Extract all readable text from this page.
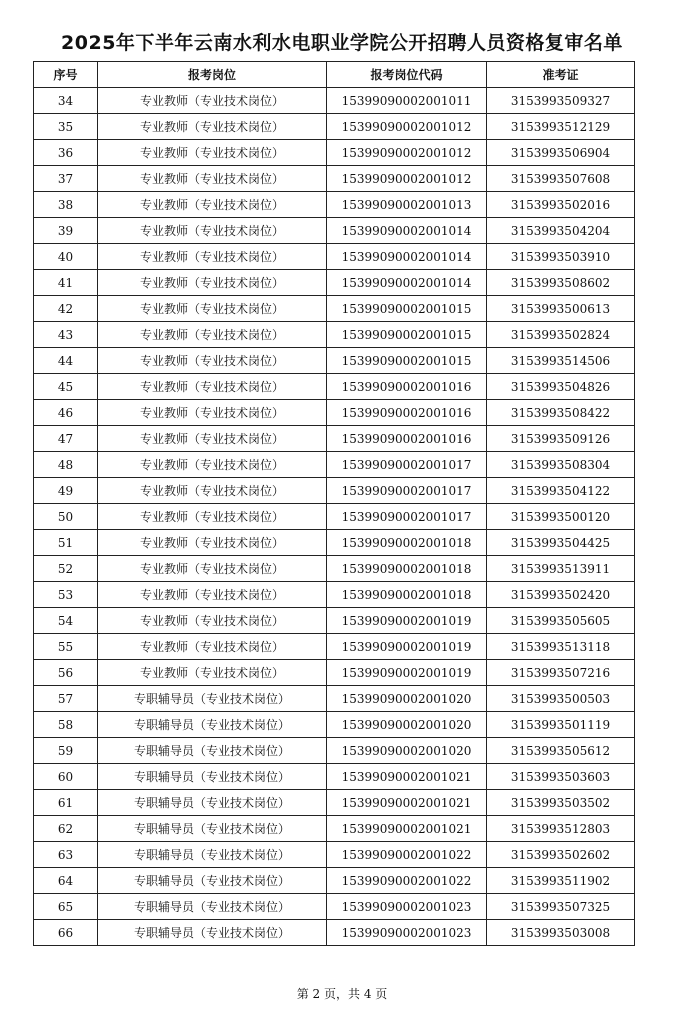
2025年下半年云南水利水电职业学院公开招聘人员资格复审名单
序号	报考岗位	报考岗位代码	准考证
34	专业教师（专业技术岗位）	15399090002001011	3153993509327
35	专业教师（专业技术岗位）	15399090002001012	3153993512129
36	专业教师（专业技术岗位）	15399090002001012	3153993506904
37	专业教师（专业技术岗位）	15399090002001012	3153993507608
38	专业教师（专业技术岗位）	15399090002001013	3153993502016
39	专业教师（专业技术岗位）	15399090002001014	3153993504204
40	专业教师（专业技术岗位）	15399090002001014	3153993503910
41	专业教师（专业技术岗位）	15399090002001014	3153993508602
42	专业教师（专业技术岗位）	15399090002001015	3153993500613
43	专业教师（专业技术岗位）	15399090002001015	3153993502824
44	专业教师（专业技术岗位）	15399090002001015	3153993514506
45	专业教师（专业技术岗位）	15399090002001016	3153993504826
46	专业教师（专业技术岗位）	15399090002001016	3153993508422
47	专业教师（专业技术岗位）	15399090002001016	3153993509126
48	专业教师（专业技术岗位）	15399090002001017	3153993508304
49	专业教师（专业技术岗位）	15399090002001017	3153993504122
50	专业教师（专业技术岗位）	15399090002001017	3153993500120
51	专业教师（专业技术岗位）	15399090002001018	3153993504425
52	专业教师（专业技术岗位）	15399090002001018	3153993513911
53	专业教师（专业技术岗位）	15399090002001018	3153993502420
54	专业教师（专业技术岗位）	15399090002001019	3153993505605
55	专业教师（专业技术岗位）	15399090002001019	3153993513118
56	专业教师（专业技术岗位）	15399090002001019	3153993507216
57	专职辅导员（专业技术岗位）	15399090002001020	3153993500503
58	专职辅导员（专业技术岗位）	15399090002001020	3153993501119
59	专职辅导员（专业技术岗位）	15399090002001020	3153993505612
60	专职辅导员（专业技术岗位）	15399090002001021	3153993503603
61	专职辅导员（专业技术岗位）	15399090002001021	3153993503502
62	专职辅导员（专业技术岗位）	15399090002001021	3153993512803
63	专职辅导员（专业技术岗位）	15399090002001022	3153993502602
64	专职辅导员（专业技术岗位）	15399090002001022	3153993511902
65	专职辅导员（专业技术岗位）	15399090002001023	3153993507325
66	专职辅导员（专业技术岗位）	15399090002001023	3153993503008
第 2 页，共 4 页
